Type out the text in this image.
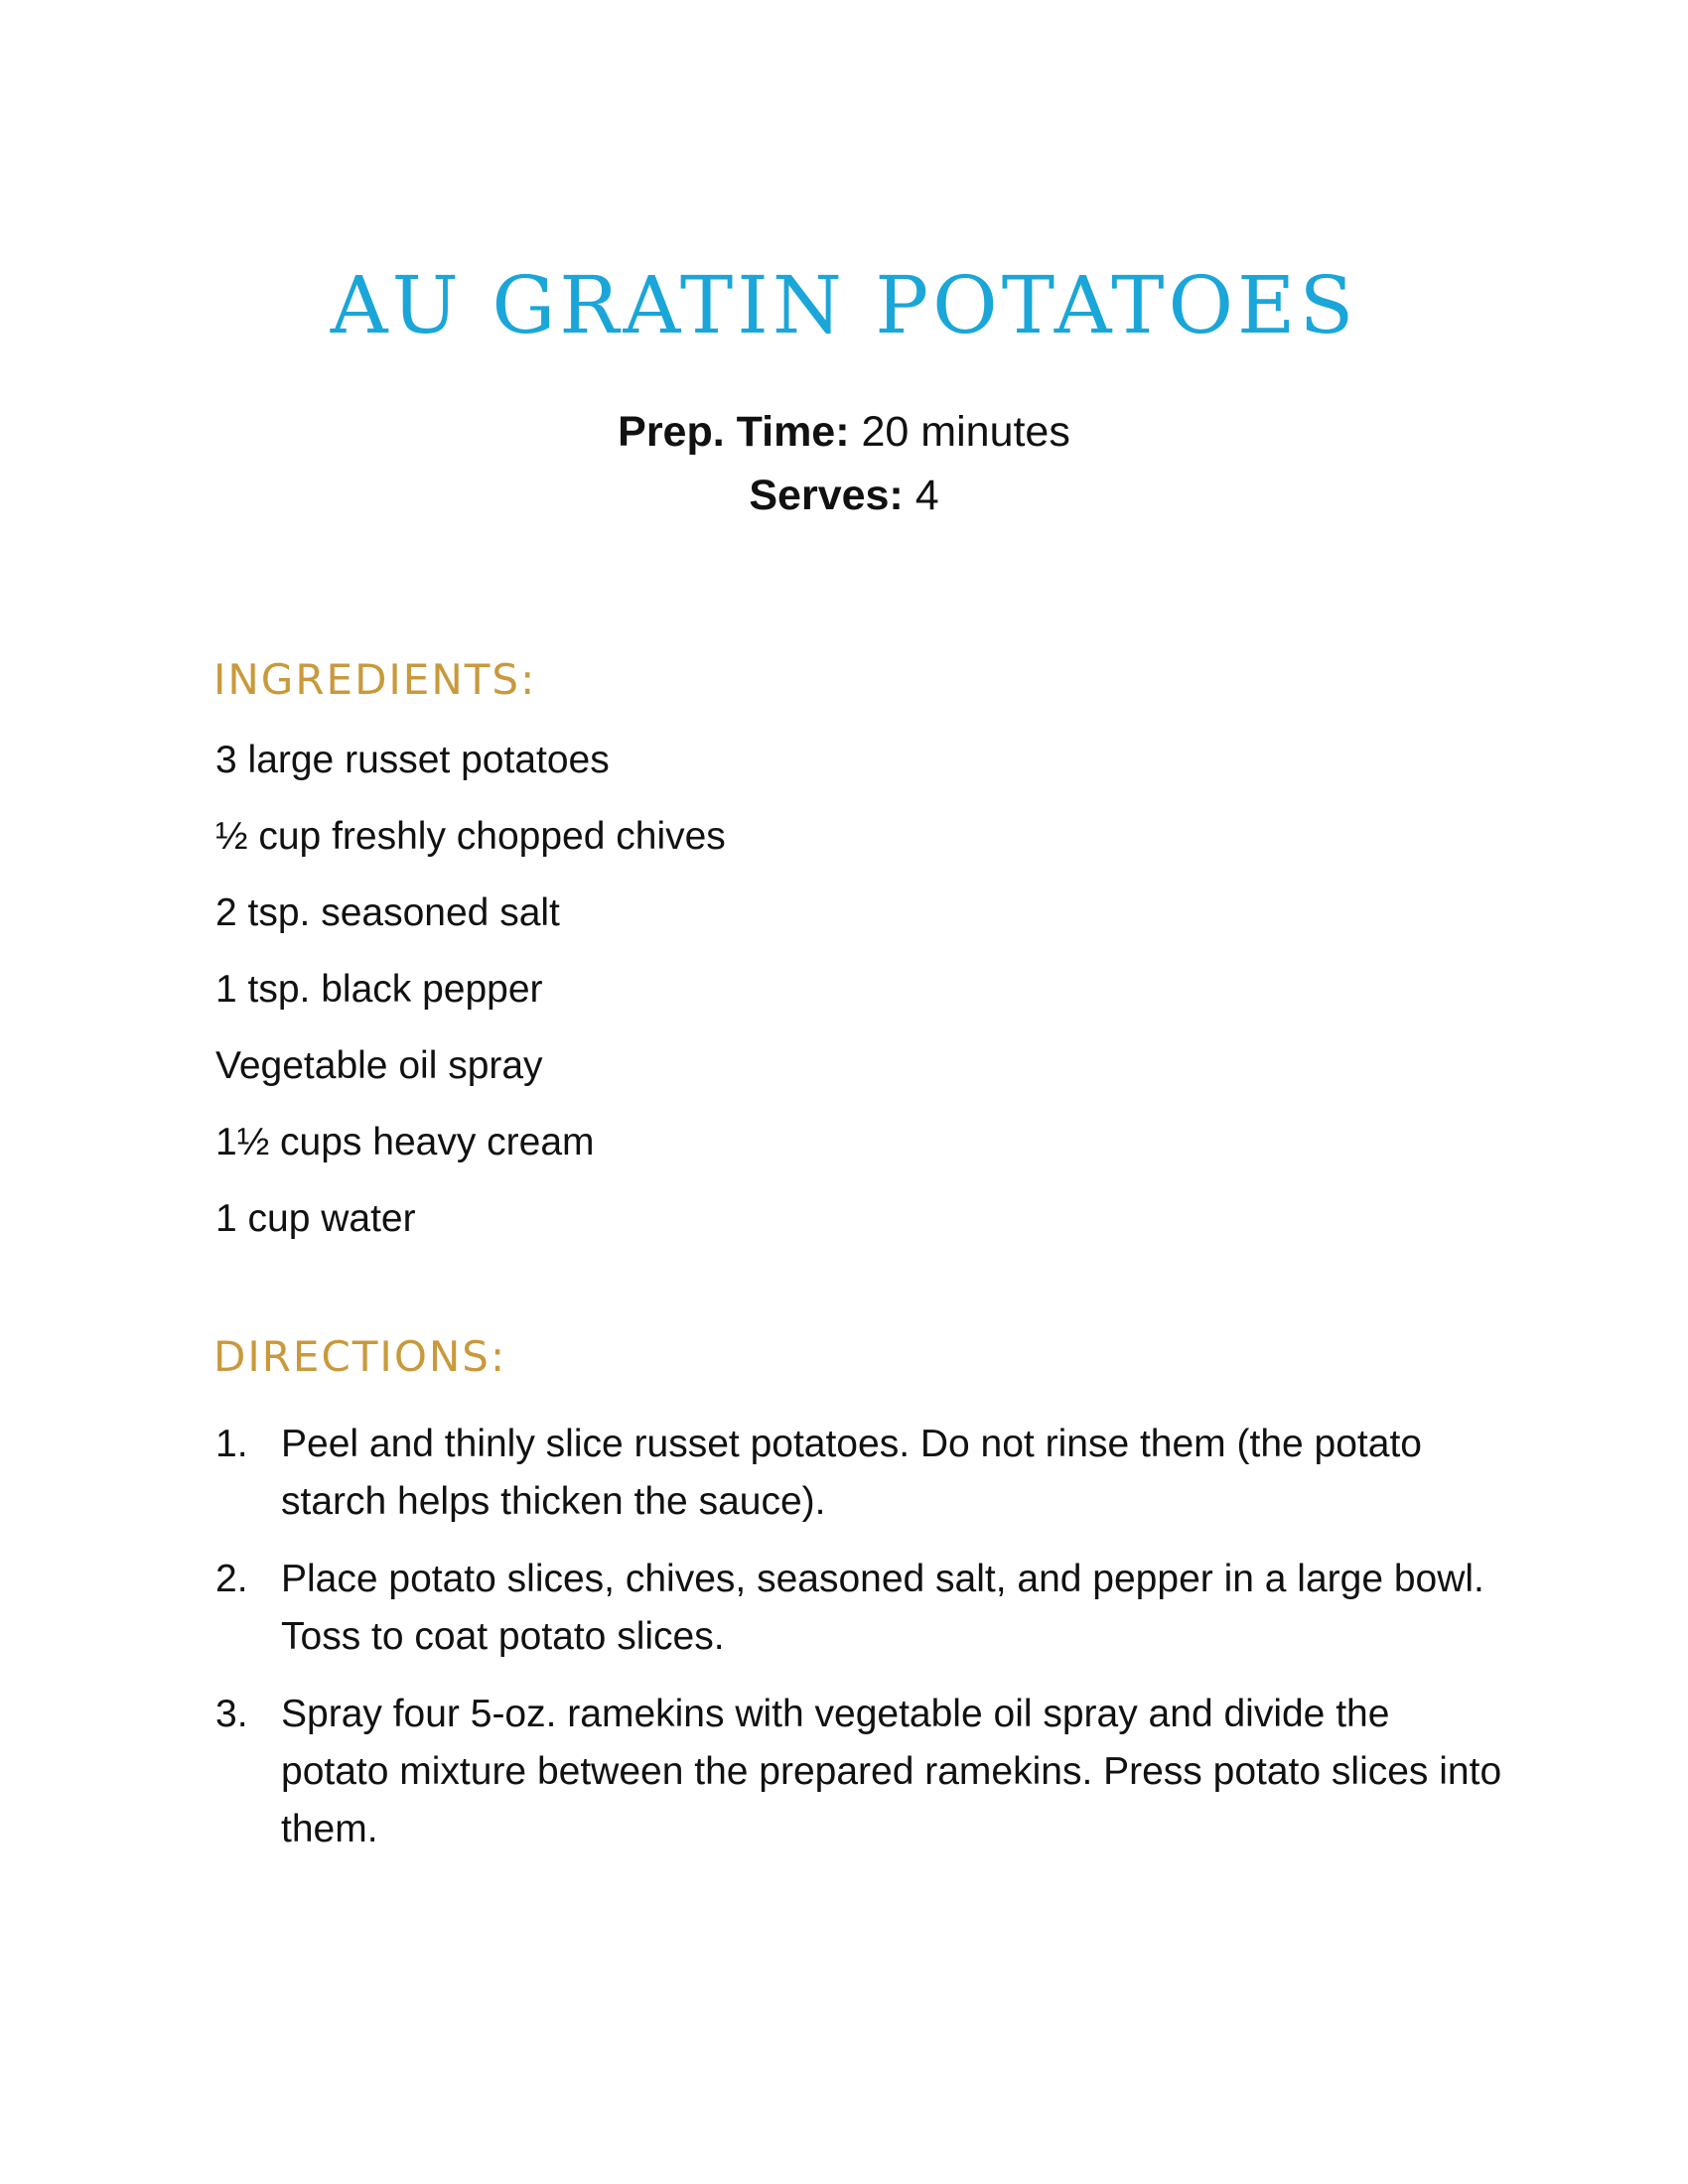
AU GRATIN POTATOES
Prep. Time: 20 minutes
Serves: 4
INGREDIENTS:
3 large russet potatoes
½ cup freshly chopped chives
2 tsp. seasoned salt
1 tsp. black pepper
Vegetable oil spray
1½ cups heavy cream
1 cup water
DIRECTIONS:
1. Peel and thinly slice russet potatoes. Do not rinse them (the potato starch helps thicken the sauce).
2. Place potato slices, chives, seasoned salt, and pepper in a large bowl. Toss to coat potato slices.
3. Spray four 5-oz. ramekins with vegetable oil spray and divide the potato mixture between the prepared ramekins. Press potato slices into them.
